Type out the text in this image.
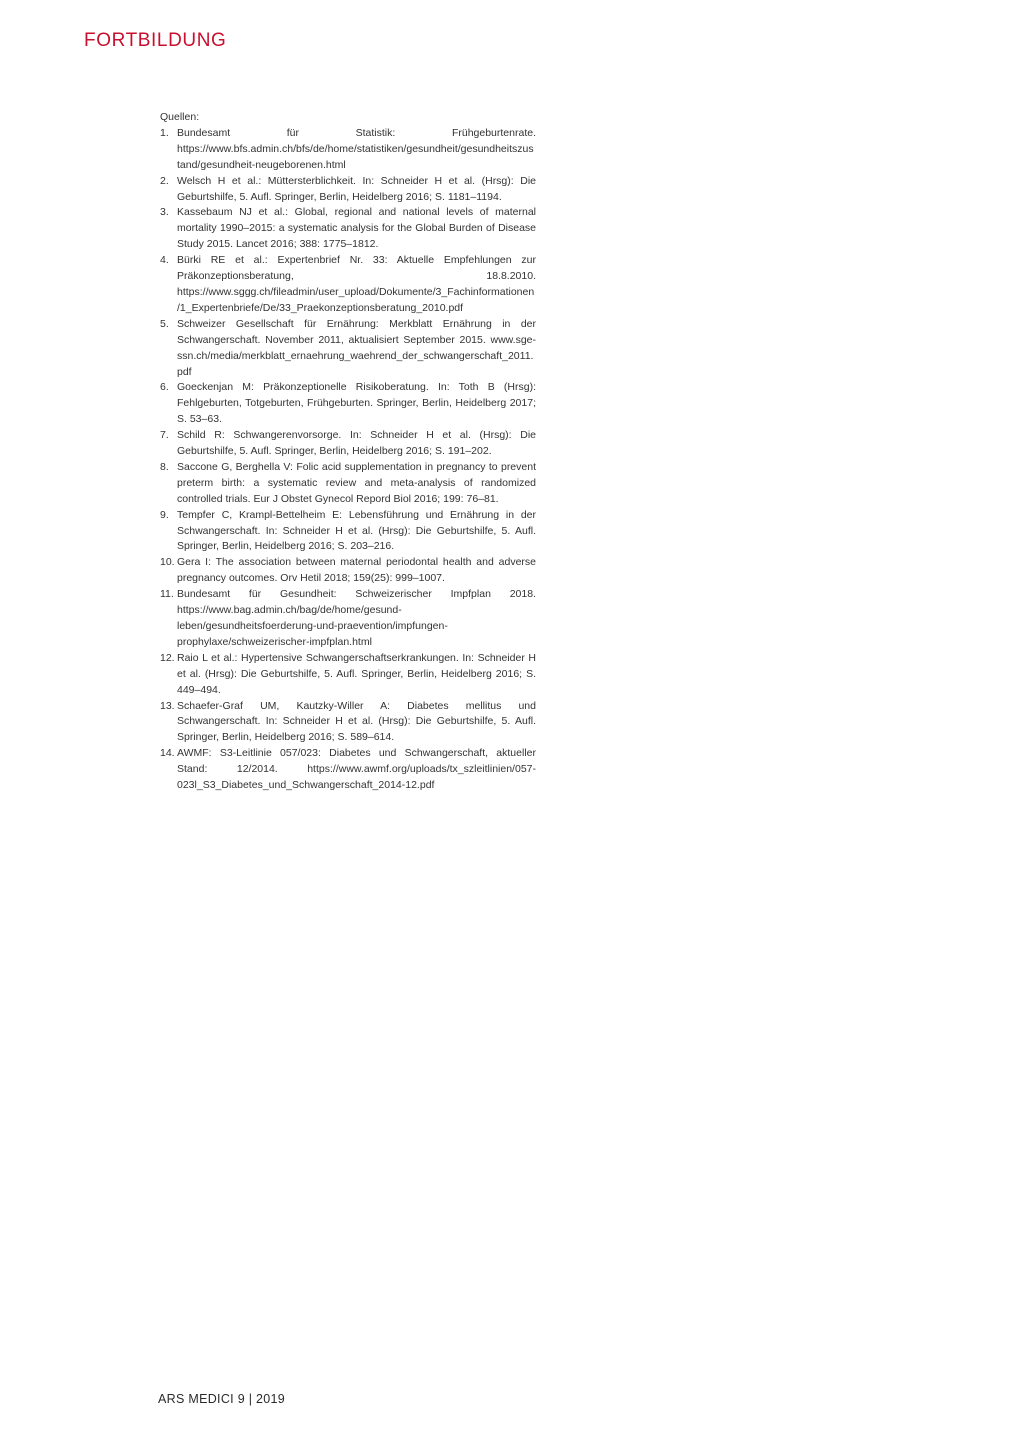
FORTBILDUNG

Quellen:

1. Bundesamt für Statistik: Frühgeburtenrate. https://www.bfs.admin.ch/bfs/de/home/statistiken/gesundheit/gesundheitszustand/gesundheit-neugeborenen.html
2. Welsch H et al.: Müttersterblichkeit. In: Schneider H et al. (Hrsg): Die Geburtshilfe, 5. Aufl. Springer, Berlin, Heidelberg 2016; S. 1181–1194.
3. Kassebaum NJ et al.: Global, regional and national levels of maternal mortality 1990–2015: a systematic analysis for the Global Burden of Disease Study 2015. Lancet 2016; 388: 1775–1812.
4. Bürki RE et al.: Expertenbrief Nr. 33: Aktuelle Empfehlungen zur Präkonzeptionsberatung, 18.8.2010. https://www.sggg.ch/fileadmin/user_upload/Dokumente/3_Fachinformationen/1_Expertenbriefe/De/33_Praekonzeptionsberatung_2010.pdf
5. Schweizer Gesellschaft für Ernährung: Merkblatt Ernährung in der Schwangerschaft. November 2011, aktualisiert September 2015. www.sge-ssn.ch/media/merkblatt_ernaehrung_waehrend_der_schwangerschaft_2011.pdf
6. Goeckenjan M: Präkonzeptionelle Risikoberatung. In: Toth B (Hrsg): Fehlgeburten, Totgeburten, Frühgeburten. Springer, Berlin, Heidelberg 2017; S. 53–63.
7. Schild R: Schwangerenvorsorge. In: Schneider H et al. (Hrsg): Die Geburtshilfe, 5. Aufl. Springer, Berlin, Heidelberg 2016; S. 191–202.
8. Saccone G, Berghella V: Folic acid supplementation in pregnancy to prevent preterm birth: a systematic review and meta-analysis of randomized controlled trials. Eur J Obstet Gynecol Repord Biol 2016; 199: 76–81.
9. Tempfer C, Krampl-Bettelheim E: Lebensführung und Ernährung in der Schwangerschaft. In: Schneider H et al. (Hrsg): Die Geburtshilfe, 5. Aufl. Springer, Berlin, Heidelberg 2016; S. 203–216.
10. Gera I: The association between maternal periodontal health and adverse pregnancy outcomes. Orv Hetil 2018; 159(25): 999–1007.
11. Bundesamt für Gesundheit: Schweizerischer Impfplan 2018. https://www.bag.admin.ch/bag/de/home/gesund-leben/gesundheitsfoerderung-und-praevention/impfungen-prophylaxe/schweizerischer-impfplan.html
12. Raio L et al.: Hypertensive Schwangerschaftserkrankungen. In: Schneider H et al. (Hrsg): Die Geburtshilfe, 5. Aufl. Springer, Berlin, Heidelberg 2016; S. 449–494.
13. Schaefer-Graf UM, Kautzky-Willer A: Diabetes mellitus und Schwangerschaft. In: Schneider H et al. (Hrsg): Die Geburtshilfe, 5. Aufl. Springer, Berlin, Heidelberg 2016; S. 589–614.
14. AWMF: S3-Leitlinie 057/023: Diabetes und Schwangerschaft, aktueller Stand: 12/2014. https://www.awmf.org/uploads/tx_szleitlinien/057-023l_S3_Diabetes_und_Schwangerschaft_2014-12.pdf
ARS MEDICI 9 | 2019
